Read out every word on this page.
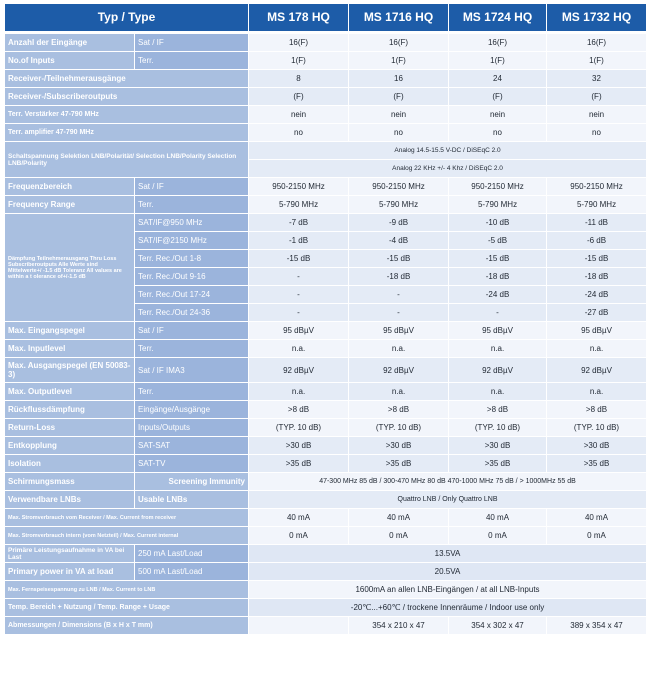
Typ / Type		MS 178 HQ	MS 1716 HQ	MS 1724 HQ	MS 1732 HQ
Anzahl der Eingänge	Sat / IF	16(F)	16(F)	16(F)	16(F)
No.of Inputs	Terr.	1(F)	1(F)	1(F)	1(F)
Receiver-/Teilnehmerausgänge		8	16	24	32
Receiver-/Subscriberoutputs		(F)	(F)	(F)	(F)
Terr. Verstärker 47-790 MHz		nein	nein	nein	nein
Terr. amplifier 47-790 MHz		no	no	no	no
Schaltspannung Selektion LNB/Polarität/ Selection LNB/Polarity Selection LNB/Polarity		Analog 14.5-15.5 V-DC / DiSEqC 2.0			
		Analog 22 KHz +/- 4 Khz / DiSEqC 2.0			
Frequenzbereich	Sat / IF	950-2150 MHz	950-2150 MHz	950-2150 MHz	950-2150 MHz
Frequency Range	Terr.	5-790 MHz	5-790 MHz	5-790 MHz	5-790 MHz
Dämpfung Teilnehmerausgang Thru Loss Subscriberoutputs Alle Werte sind Mittelwerte+/ -1.5 dB Toleranz All values are within a t olerance of+/-1.5 dB	SAT/IF@950 MHz	-7 dB	-9 dB	-10 dB	-11 dB
	SAT/IF@2150 MHz	-1 dB	-4 dB	-5 dB	-6 dB
	Terr. Rec./Out 1-8	-15 dB	-15 dB	-15 dB	-15 dB
	Terr. Rec./Out 9-16	-	-18 dB	-18 dB	-18 dB
	Terr. Rec./Out 17-24	-	-	-24 dB	-24 dB
	Terr. Rec./Out 24-36	-	-	-	-27 dB
Max. Eingangspegel	Sat / IF	95 dBµV	95 dBµV	95 dBµV	95 dBµV
Max. Inputlevel	Terr.	n.a.	n.a.	n.a.	n.a.
Max. Ausgangspegel (EN 50083-3)	Sat / IF IMA3	92 dBµV	92 dBµV	92 dBµV	92 dBµV
Max. Outputlevel	Terr.	n.a.	n.a.	n.a.	n.a.
Rückflussdämpfung	Eingänge/Ausgänge	>8 dB	>8 dB	>8 dB	>8 dB
Return-Loss	Inputs/Outputs	(TYP. 10 dB)	(TYP. 10 dB)	(TYP. 10 dB)	(TYP. 10 dB)
Entkopplung	SAT-SAT	>30 dB	>30 dB	>30 dB	>30 dB
Isolation	SAT-TV	>35 dB	>35 dB	>35 dB	>35 dB
Schirmungsmass	Screening Immunity	47-300 MHz 85 dB / 300-470 MHz 80 dB 470-1000 MHz 75 dB / > 1000MHz 55 dB			
Verwendbare LNBs	Usable LNBs	Quattro LNB / Only Quattro LNB			
Max. Stromverbrauch vom Receiver / Max. Current from receiver		40 mA	40 mA	40 mA	40 mA
Max. Stromverbrauch intern (vom Netzteil) / Max. Current internal		0 mA	0 mA	0 mA	0 mA
Primäre Leistungsaufnahme in VA bei Last	250 mA Last/Load	13.5VA			
Primary power in VA at load	500 mA Last/Load	20.5VA			
Max. Fernspeisespannung zu LNB / Max. Current to LNB		1600mA an allen LNB-Eingängen / at all LNB-Inputs			
Temp. Bereich + Nutzung / Temp. Range + Usage		-20℃...+60℃ / trockene Innenräume / Indoor use only			
Abmessungen / Dimensions (B x H x T mm)			354 x 210 x 47	354 x 302 x 47	389 x 354 x 47
